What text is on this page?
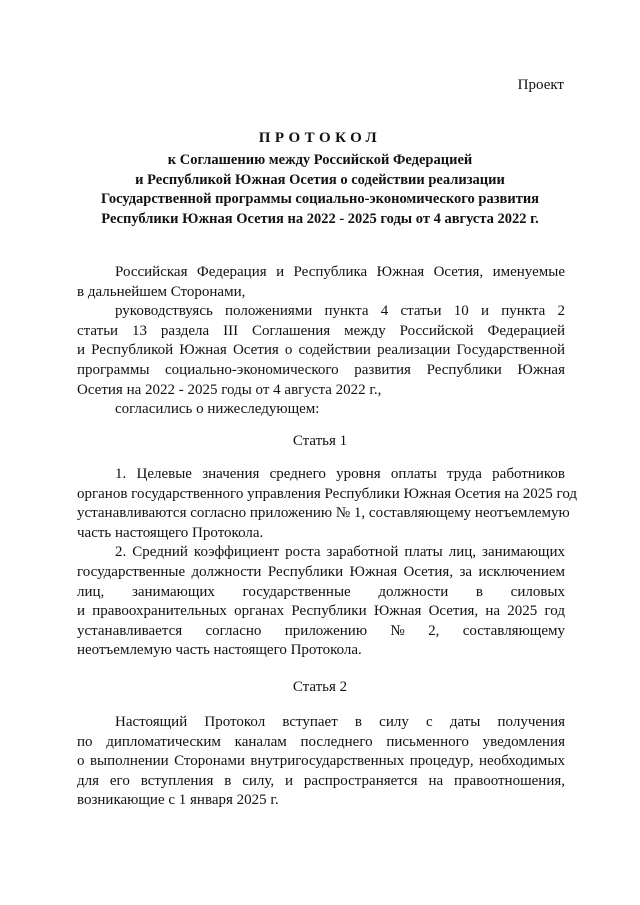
Проект
ПРОТОКОЛ
к Соглашению между Российской Федерацией
и Республикой Южная Осетия о содействии реализации
Государственной программы социально-экономического развития
Республики Южная Осетия на 2022 - 2025 годы от 4 августа 2022 г.
Российская Федерация и Республика Южная Осетия, именуемые
в дальнейшем Сторонами,
руководствуясь положениями пункта 4 статьи 10 и пункта 2
статьи 13 раздела III Соглашения между Российской Федерацией
и Республикой Южная Осетия о содействии реализации Государственной
программы социально-экономического развития Республики Южная
Осетия на 2022 - 2025 годы от 4 августа 2022 г.,
согласились о нижеследующем:
Статья 1
1. Целевые значения среднего уровня оплаты труда работников
органов государственного управления Республики Южная Осетия на 2025 год
устанавливаются согласно приложению № 1, составляющему неотъемлемую
часть настоящего Протокола.
2. Средний коэффициент роста заработной платы лиц, занимающих
государственные должности Республики Южная Осетия, за исключением
лиц, занимающих государственные должности в силовых
и правоохранительных органах Республики Южная Осетия, на 2025 год
устанавливается согласно приложению № 2, составляющему
неотъемлемую часть настоящего Протокола.
Статья 2
Настоящий Протокол вступает в силу с даты получения
по дипломатическим каналам последнего письменного уведомления
о выполнении Сторонами внутригосударственных процедур, необходимых
для его вступления в силу, и распространяется на правоотношения,
возникающие с 1 января 2025 г.
